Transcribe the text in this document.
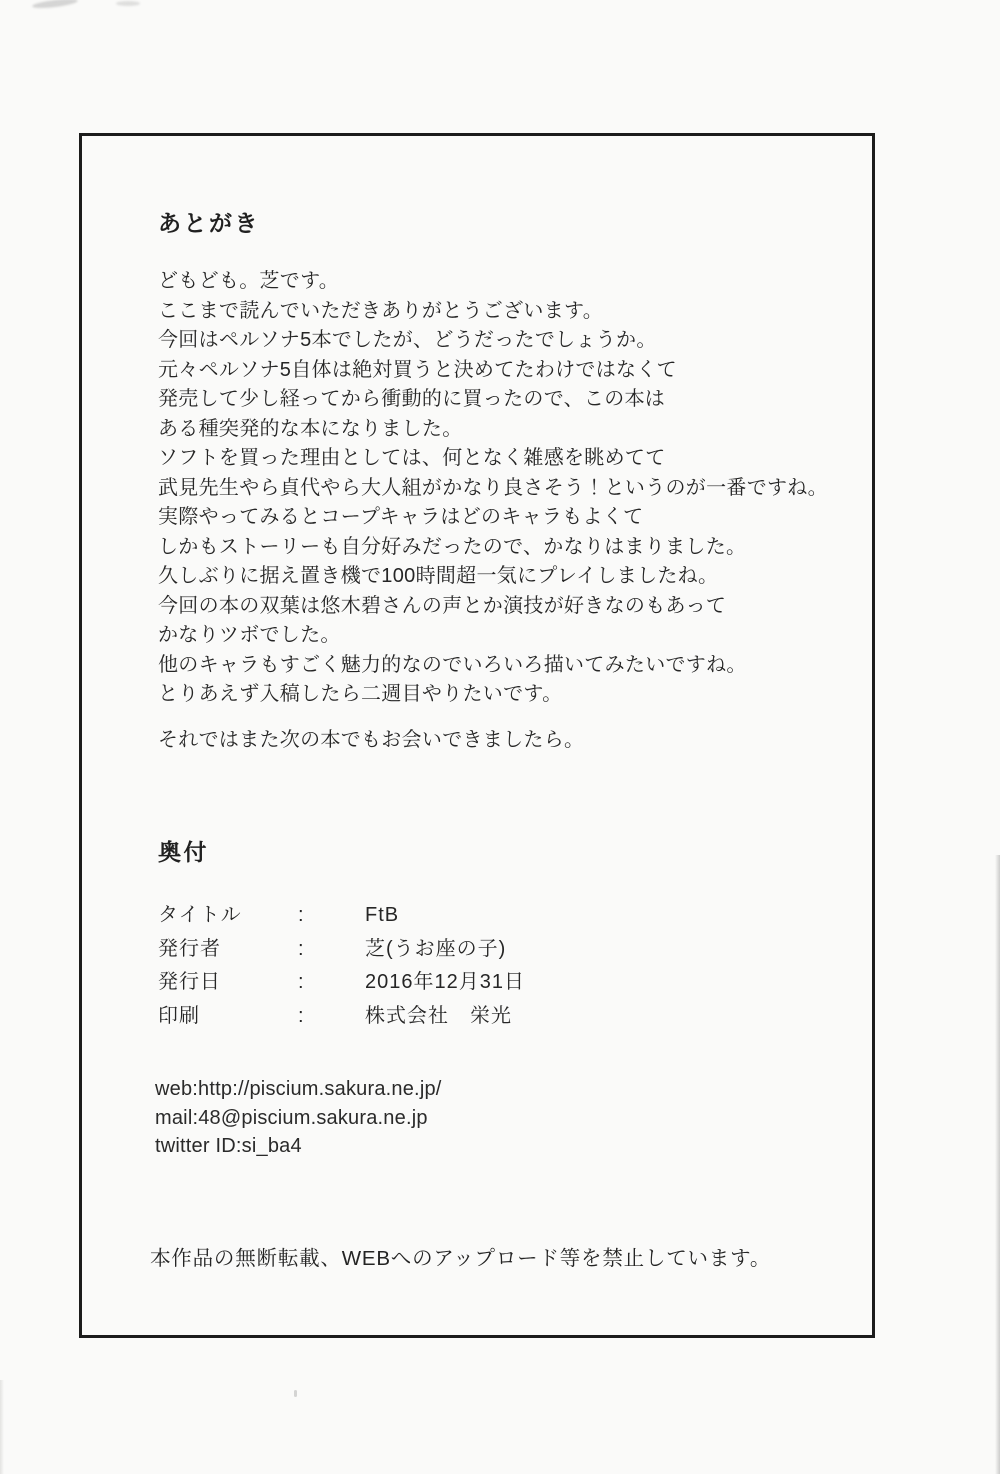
あとがき
どもども。芝です。
ここまで読んでいただきありがとうございます。
今回はペルソナ5本でしたが、どうだったでしょうか。
元々ペルソナ5自体は絶対買うと決めてたわけではなくて
発売して少し経ってから衝動的に買ったので、この本は
ある種突発的な本になりました。
ソフトを買った理由としては、何となく雑感を眺めてて
武見先生やら貞代やら大人組がかなり良さそう！というのが一番ですね。
実際やってみるとコープキャラはどのキャラもよくて
しかもストーリーも自分好みだったので、かなりはまりました。
久しぶりに据え置き機で100時間超一気にプレイしましたね。
今回の本の双葉は悠木碧さんの声とか演技が好きなのもあって
かなりツボでした。
他のキャラもすごく魅力的なのでいろいろ描いてみたいですね。
とりあえず入稿したら二週目やりたいです。
それではまた次の本でもお会いできましたら。
奥付
タイトル	:	FtB
発行者	:	芝(うお座の子)
発行日	:	2016年12月31日
印刷	:	株式会社　栄光
web:http://piscium.sakura.ne.jp/
mail:48@piscium.sakura.ne.jp
twitter ID:si_ba4
本作品の無断転載、WEBへのアップロード等を禁止しています。
